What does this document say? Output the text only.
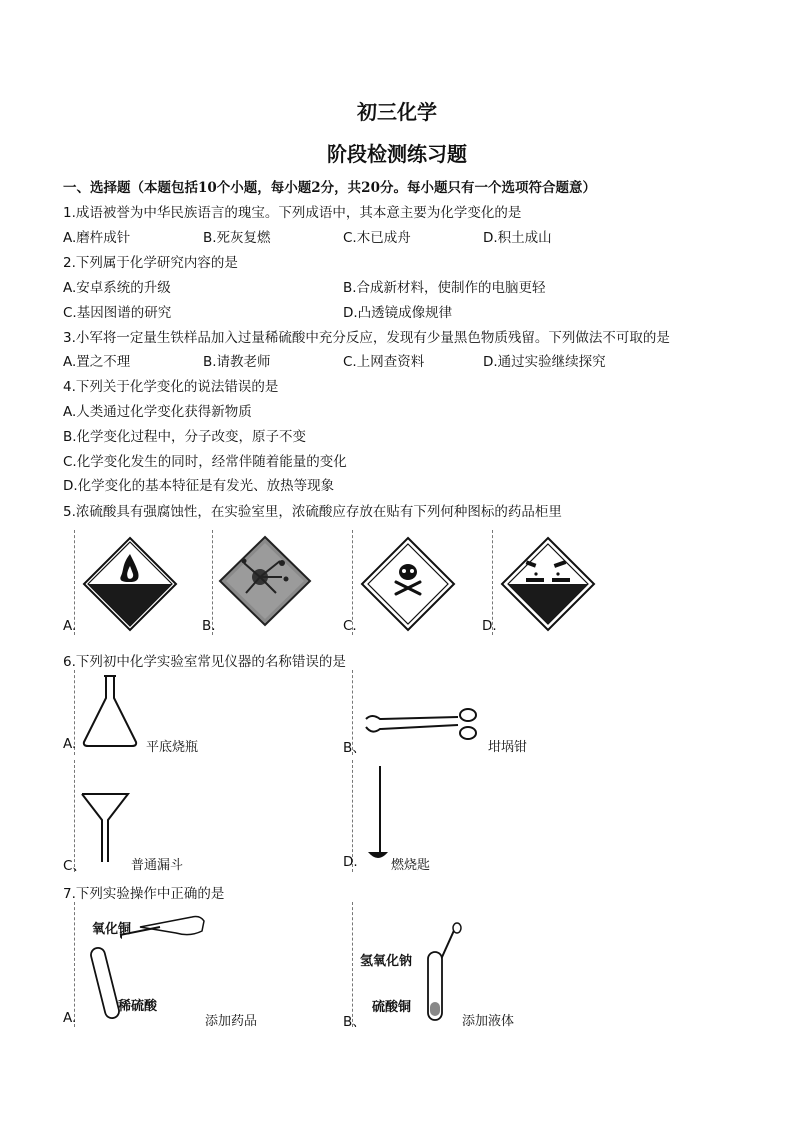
初三化学
阶段检测练习题
一、选择题（本题包括10个小题，每小题2分，共20分。每小题只有一个选项符合题意）
1.成语被誉为中华民族语言的瑰宝。下列成语中，其本意主要为化学变化的是
A.磨杵成针	B.死灰复燃	C.木已成舟	D.积土成山
2.下列属于化学研究内容的是
A.安卓系统的升级	B.合成新材料，使制作的电脑更轻
C.基因图谱的研究	D.凸透镜成像规律
3.小军将一定量生铁样品加入过量稀硫酸中充分反应，发现有少量黑色物质残留。下列做法不可取的是
A.置之不理	B.请教老师	C.上网查资料	D.通过实验继续探究
4.下列关于化学变化的说法错误的是
A.人类通过化学变化获得新物质
B.化学变化过程中，分子改变，原子不变
C.化学变化发生的同时，经常伴随着能量的变化
D.化学变化的基本特征是有发光、放热等现象
5.浓硫酸具有强腐蚀性，在实验室里，浓硫酸应存放在贴有下列何种图标的药品柜里
A.	B.	C.	D.
6.下列初中化学实验室常见仪器的名称错误的是
A.	平底烧瓶	B、	坩埚钳
C、	普通漏斗	D.	燃烧匙
7.下列实验操作中正确的是
氧化铜
稀硫酸
A.	添加药品
氢氧化钠
硫酸铜
B、	添加液体
